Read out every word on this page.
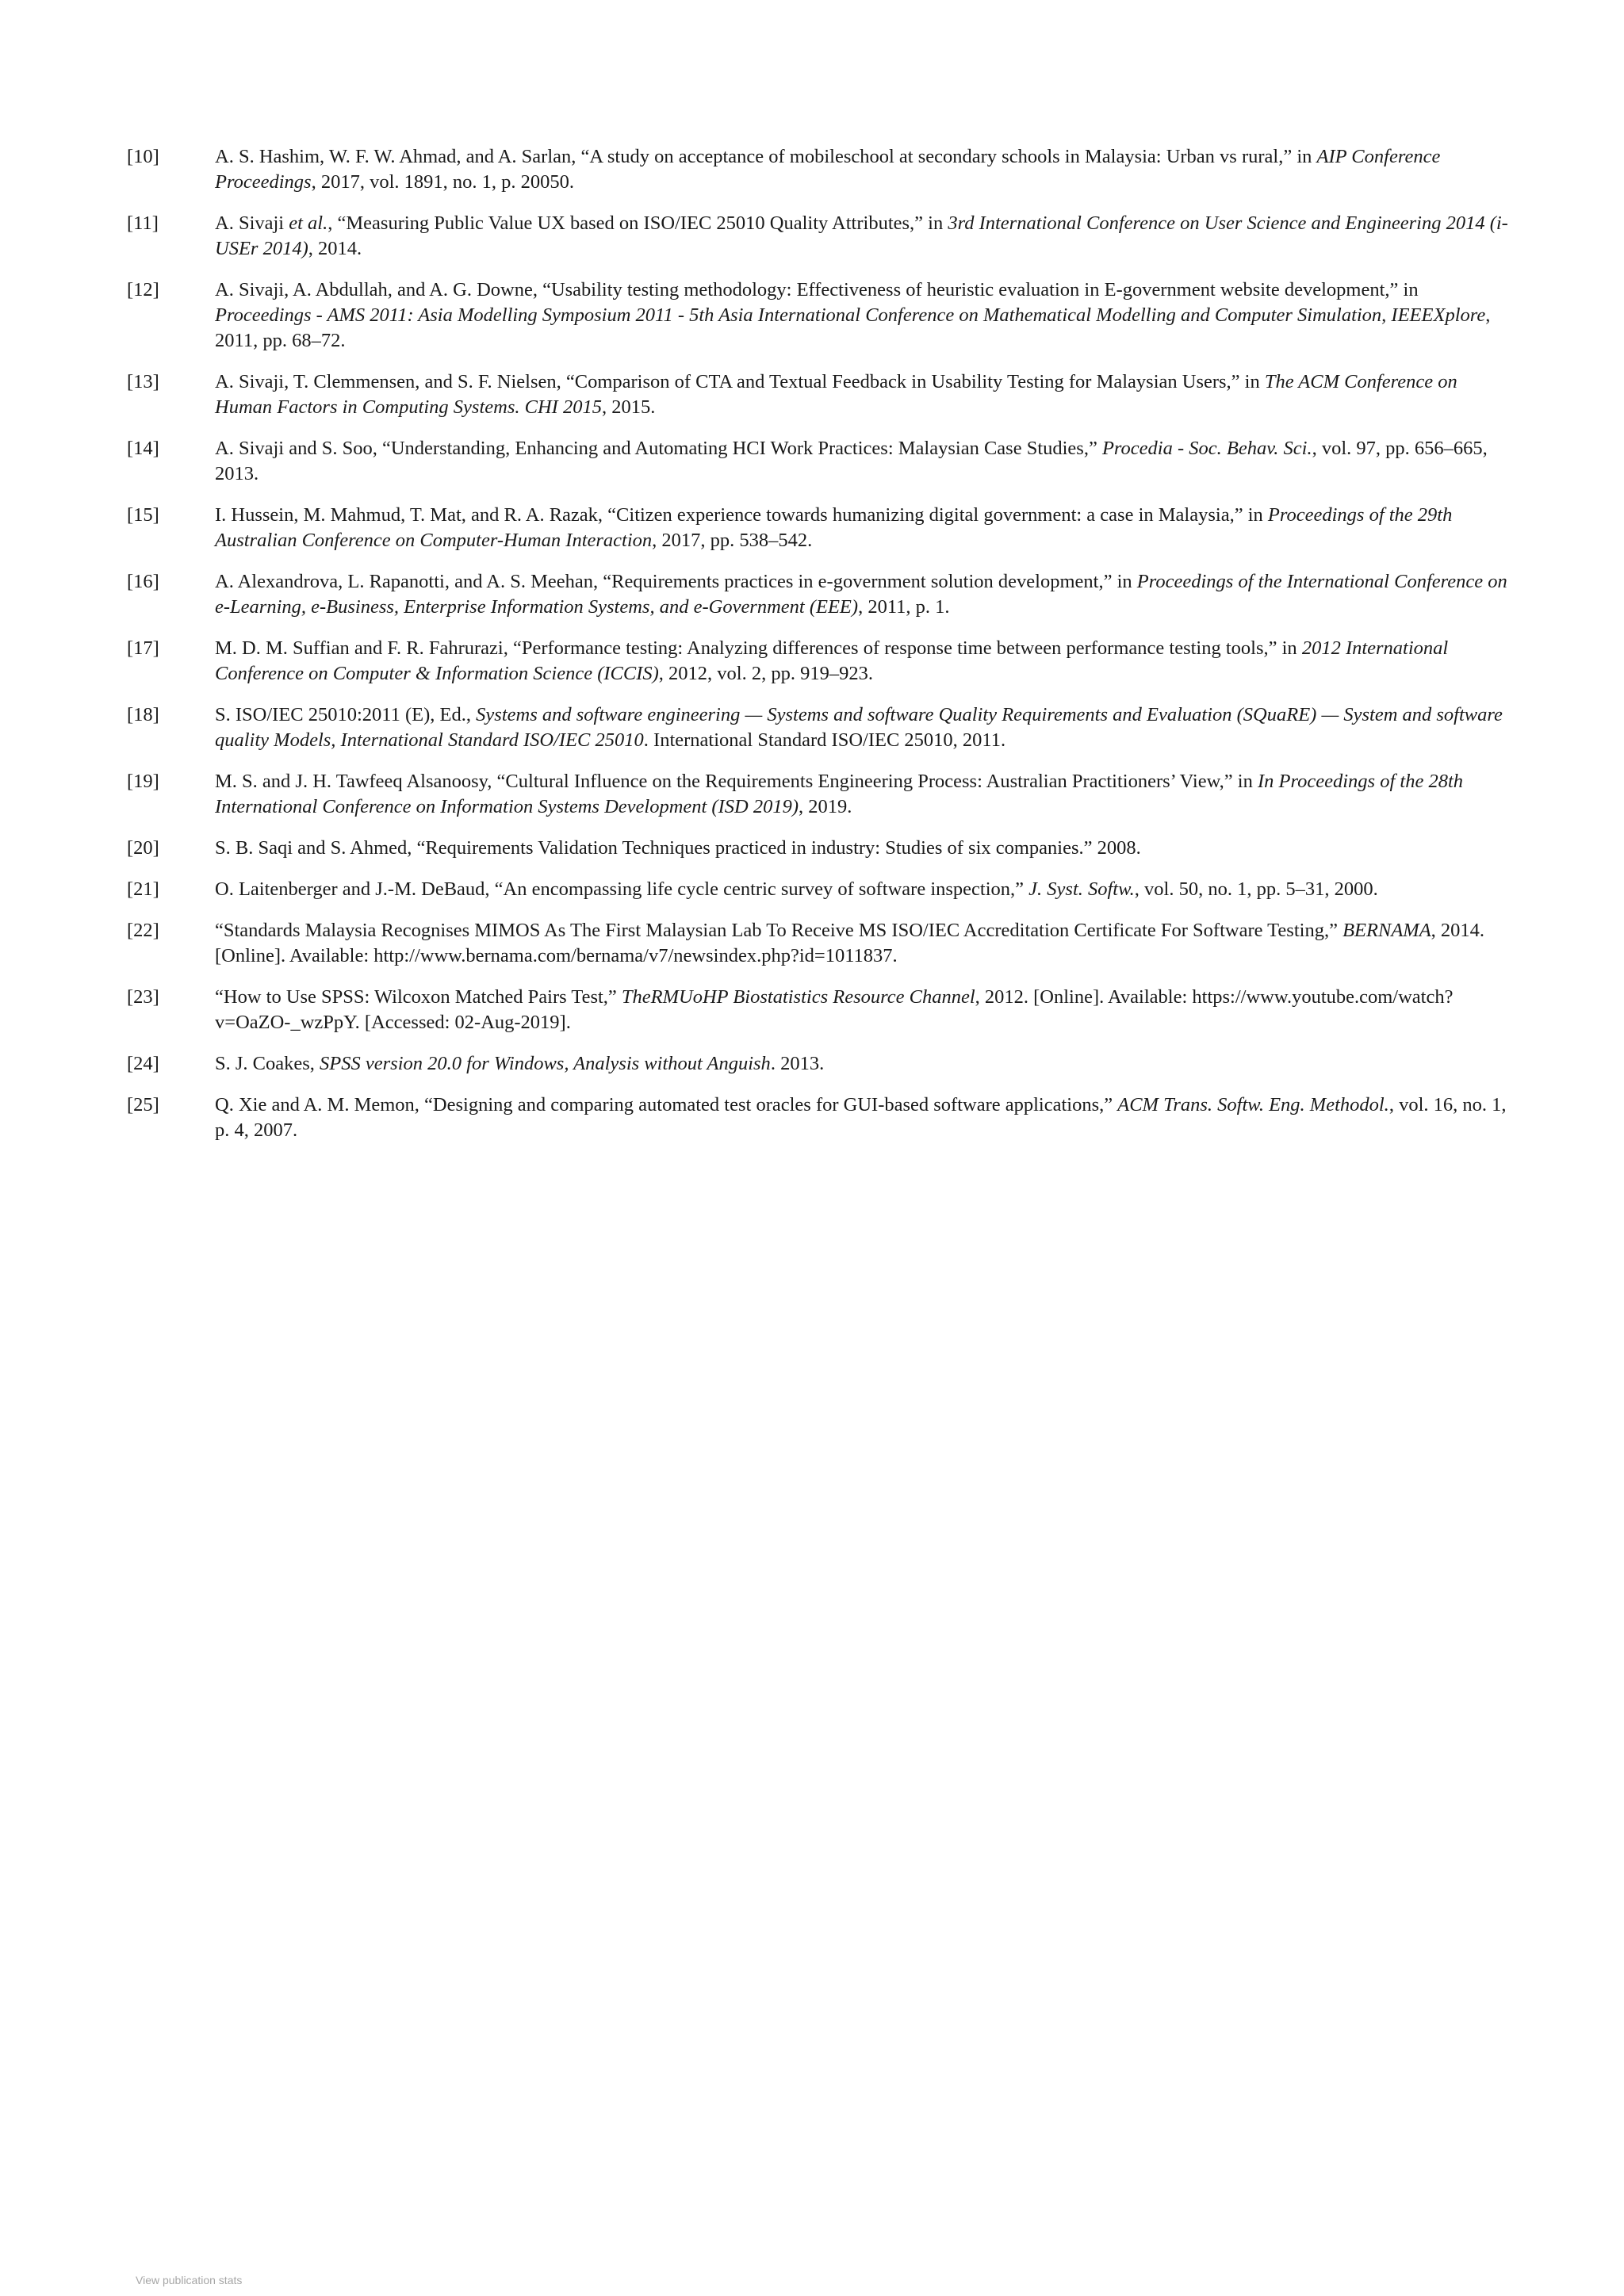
[10]	A. S. Hashim, W. F. W. Ahmad, and A. Sarlan, “A study on acceptance of mobileschool at secondary schools in Malaysia: Urban vs rural,” in AIP Conference Proceedings, 2017, vol. 1891, no. 1, p. 20050.
[11]	A. Sivaji et al., “Measuring Public Value UX based on ISO/IEC 25010 Quality Attributes,” in 3rd International Conference on User Science and Engineering 2014 (i-USEr 2014), 2014.
[12]	A. Sivaji, A. Abdullah, and A. G. Downe, “Usability testing methodology: Effectiveness of heuristic evaluation in E-government website development,” in Proceedings - AMS 2011: Asia Modelling Symposium 2011 - 5th Asia International Conference on Mathematical Modelling and Computer Simulation, IEEEXplore, 2011, pp. 68–72.
[13]	A. Sivaji, T. Clemmensen, and S. F. Nielsen, “Comparison of CTA and Textual Feedback in Usability Testing for Malaysian Users,” in The ACM Conference on Human Factors in Computing Systems. CHI 2015, 2015.
[14]	A. Sivaji and S. Soo, “Understanding, Enhancing and Automating HCI Work Practices: Malaysian Case Studies,” Procedia - Soc. Behav. Sci., vol. 97, pp. 656–665, 2013.
[15]	I. Hussein, M. Mahmud, T. Mat, and R. A. Razak, “Citizen experience towards humanizing digital government: a case in Malaysia,” in Proceedings of the 29th Australian Conference on Computer-Human Interaction, 2017, pp. 538–542.
[16]	A. Alexandrova, L. Rapanotti, and A. S. Meehan, “Requirements practices in e-government solution development,” in Proceedings of the International Conference on e-Learning, e-Business, Enterprise Information Systems, and e-Government (EEE), 2011, p. 1.
[17]	M. D. M. Suffian and F. R. Fahrurazi, “Performance testing: Analyzing differences of response time between performance testing tools,” in 2012 International Conference on Computer & Information Science (ICCIS), 2012, vol. 2, pp. 919–923.
[18]	S. ISO/IEC 25010:2011 (E), Ed., Systems and software engineering — Systems and software Quality Requirements and Evaluation (SQuaRE) — System and software quality Models, International Standard ISO/IEC 25010. International Standard ISO/IEC 25010, 2011.
[19]	M. S. and J. H. Tawfeeq Alsanoosy, “Cultural Influence on the Requirements Engineering Process: Australian Practitioners’ View,” in In Proceedings of the 28th International Conference on Information Systems Development (ISD 2019), 2019.
[20]	S. B. Saqi and S. Ahmed, “Requirements Validation Techniques practiced in industry: Studies of six companies.” 2008.
[21]	O. Laitenberger and J.-M. DeBaud, “An encompassing life cycle centric survey of software inspection,” J. Syst. Softw., vol. 50, no. 1, pp. 5–31, 2000.
[22]	“Standards Malaysia Recognises MIMOS As The First Malaysian Lab To Receive MS ISO/IEC Accreditation Certificate For Software Testing,” BERNAMA, 2014. [Online]. Available: http://www.bernama.com/bernama/v7/newsindex.php?id=1011837.
[23]	“How to Use SPSS: Wilcoxon Matched Pairs Test,” TheRMUoHP Biostatistics Resource Channel, 2012. [Online]. Available: https://www.youtube.com/watch?v=OaZO-_wzPpY. [Accessed: 02-Aug-2019].
[24]	S. J. Coakes, SPSS version 20.0 for Windows, Analysis without Anguish. 2013.
[25]	Q. Xie and A. M. Memon, “Designing and comparing automated test oracles for GUI-based software applications,” ACM Trans. Softw. Eng. Methodol., vol. 16, no. 1, p. 4, 2007.
View publication stats
